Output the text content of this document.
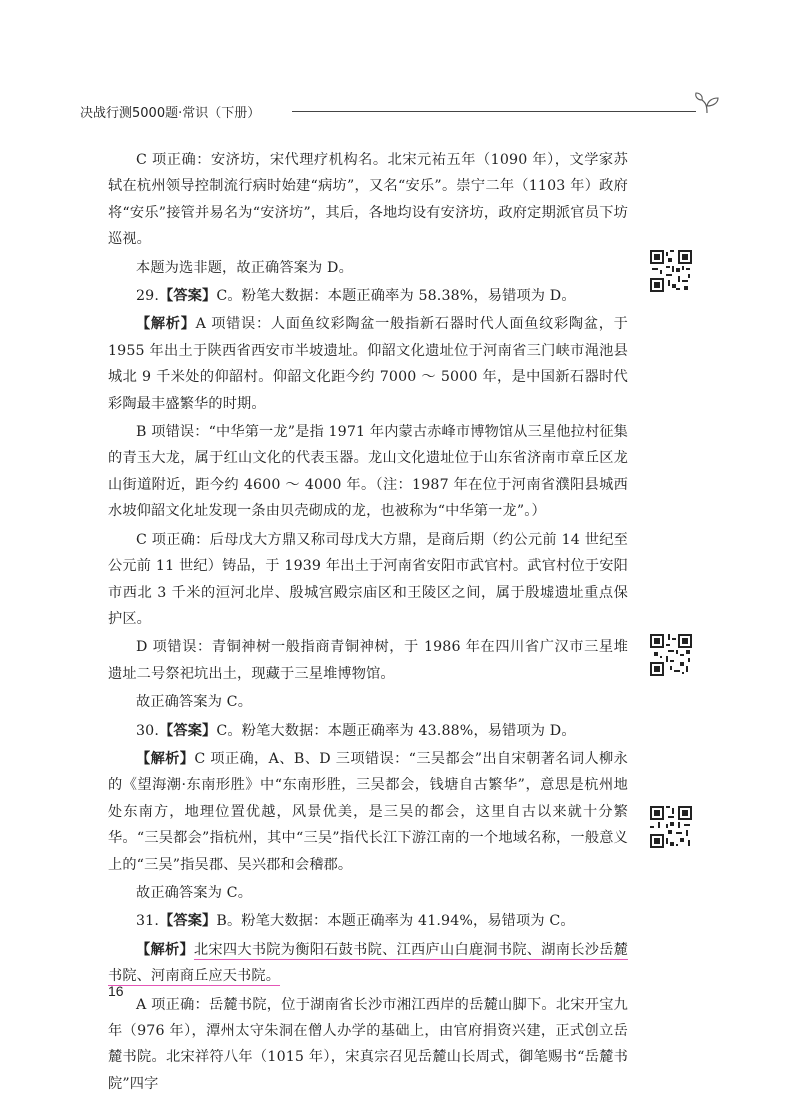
决战行测5000题·常识（下册）

C 项正确：安济坊，宋代理疗机构名。北宋元祐五年（1090 年），文学家苏轼在杭州领导控制流行病时始建“病坊”，又名“安乐”。崇宁二年（1103 年）政府将“安乐”接管并易名为“安济坊”，其后，各地均设有安济坊，政府定期派官员下坊巡视。

本题为选非题，故正确答案为 D。

29.【答案】C。粉笔大数据：本题正确率为 58.38%，易错项为 D。

【解析】A 项错误：人面鱼纹彩陶盆一般指新石器时代人面鱼纹彩陶盆，于 1955 年出土于陕西省西安市半坡遗址。仰韶文化遗址位于河南省三门峡市渑池县城北 9 千米处的仰韶村。仰韶文化距今约 7000 ～ 5000 年，是中国新石器时代彩陶最丰盛繁华的时期。

B 项错误：“中华第一龙”是指 1971 年内蒙古赤峰市博物馆从三星他拉村征集的青玉大龙，属于红山文化的代表玉器。龙山文化遗址位于山东省济南市章丘区龙山街道附近，距今约 4600 ～ 4000 年。（注：1987 年在位于河南省濮阳县城西水坡仰韶文化址发现一条由贝壳砌成的龙，也被称为“中华第一龙”。）

C 项正确：后母戊大方鼎又称司母戊大方鼎，是商后期（约公元前 14 世纪至公元前 11 世纪）铸品，于 1939 年出土于河南省安阳市武官村。武官村位于安阳市西北 3 千米的洹河北岸、殷城宫殿宗庙区和王陵区之间，属于殷墟遗址重点保护区。

D 项错误：青铜神树一般指商青铜神树，于 1986 年在四川省广汉市三星堆遗址二号祭祀坑出土，现藏于三星堆博物馆。

故正确答案为 C。

30.【答案】C。粉笔大数据：本题正确率为 43.88%，易错项为 D。

【解析】C 项正确，A、B、D 三项错误：“三吴都会”出自宋朝著名词人柳永的《望海潮·东南形胜》中“东南形胜，三吴都会，钱塘自古繁华”，意思是杭州地处东南方，地理位置优越，风景优美，是三吴的都会，这里自古以来就十分繁华。“三吴都会”指杭州，其中“三吴”指代长江下游江南的一个地域名称，一般意义上的“三吴”指吴郡、吴兴郡和会稽郡。

故正确答案为 C。

31.【答案】B。粉笔大数据：本题正确率为 41.94%，易错项为 C。

【解析】北宋四大书院为衡阳石鼓书院、江西庐山白鹿洞书院、湖南长沙岳麓书院、河南商丘应天书院。

A 项正确：岳麓书院，位于湖南省长沙市湘江西岸的岳麓山脚下。北宋开宝九年（976 年），潭州太守朱洞在僧人办学的基础上，由官府捐资兴建，正式创立岳麓书院。北宋祥符八年（1015 年），宋真宗召见岳麓山长周式，御笔赐书“岳麓书院”四字

16
